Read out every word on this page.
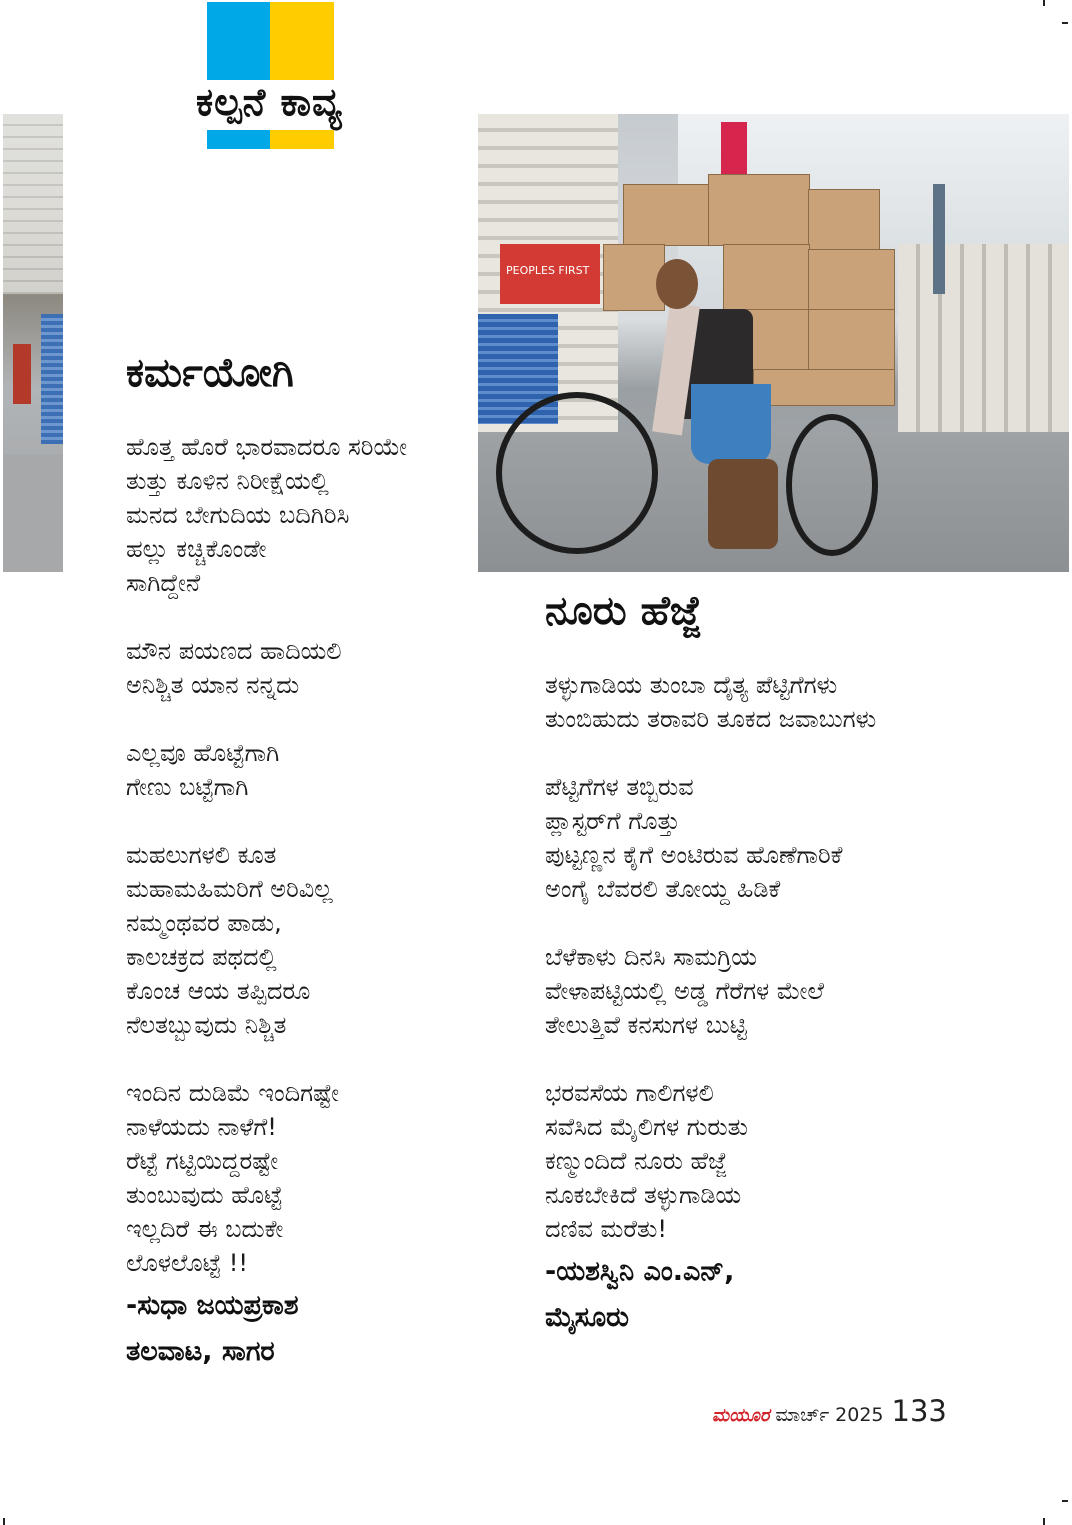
ಕಲ್ಪನೆ ಕಾವ್ಯ
PEOPLES FIRST
ಕರ್ಮಯೋಗಿ
ಹೊತ್ತ ಹೊರೆ ಭಾರವಾದರೂ ಸರಿಯೇ
ತುತ್ತು ಕೂಳಿನ ನಿರೀಕ್ಷೆಯಲ್ಲಿ
ಮನದ ಬೇಗುದಿಯ ಬದಿಗಿರಿಸಿ
ಹಲ್ಲು ಕಚ್ಚಿಕೊಂಡೇ
ಸಾಗಿದ್ದೇನೆ
ಮೌನ ಪಯಣದ ಹಾದಿಯಲಿ
ಅನಿಶ್ಚಿತ ಯಾನ ನನ್ನದು
ಎಲ್ಲವೂ ಹೊಟ್ಟೆಗಾಗಿ
ಗೇಣು ಬಟ್ಟೆಗಾಗಿ
ಮಹಲುಗಳಲಿ ಕೂತ
ಮಹಾಮಹಿಮರಿಗೆ ಅರಿವಿಲ್ಲ
ನಮ್ಮಂಥವರ ಪಾಡು,
ಕಾಲಚಕ್ರದ ಪಥದಲ್ಲಿ
ಕೊಂಚ ಆಯ ತಪ್ಪಿದರೂ
ನೆಲತಬ್ಬುವುದು ನಿಶ್ಚಿತ
ಇಂದಿನ ದುಡಿಮೆ ಇಂದಿಗಷ್ಟೇ
ನಾಳೆಯದು ನಾಳೆಗೆ!
ರೆಟ್ಟೆ ಗಟ್ಟಿಯಿದ್ದರಷ್ಟೇ
ತುಂಬುವುದು ಹೊಟ್ಟೆ
ಇಲ್ಲದಿರೆ ಈ ಬದುಕೇ
ಲೊಳಲೊಟ್ಟೆ !!
-ಸುಧಾ ಜಯಪ್ರಕಾಶ
ತಲವಾಟ, ಸಾಗರ
ನೂರು ಹೆಜ್ಜೆ
ತಳ್ಳುಗಾಡಿಯ ತುಂಬಾ ದೈತ್ಯ ಪೆಟ್ಟಿಗೆಗಳು
ತುಂಬಿಹುದು ತರಾವರಿ ತೂಕದ ಜವಾಬುಗಳು
ಪೆಟ್ಟಿಗೆಗಳ ತಬ್ಬಿರುವ
ಪ್ಲಾಸ್ಟರ್‌ಗೆ ಗೊತ್ತು
ಪುಟ್ಟಣ್ಣನ ಕೈಗೆ ಅಂಟಿರುವ ಹೊಣೆಗಾರಿಕೆ
ಅಂಗೈ ಬೆವರಲಿ ತೋಯ್ದ ಹಿಡಿಕೆ
ಬೆಳೆಕಾಳು ದಿನಸಿ ಸಾಮಗ್ರಿಯ
ವೇಳಾಪಟ್ಟಿಯಲ್ಲಿ ಅಡ್ಡ ಗೆರೆಗಳ ಮೇಲೆ
ತೇಲುತ್ತಿವೆ ಕನಸುಗಳ ಬುಟ್ಟಿ
ಭರವಸೆಯ ಗಾಲಿಗಳಲಿ
ಸವೆಸಿದ ಮೈಲಿಗಳ ಗುರುತು
ಕಣ್ಮುಂದಿದೆ ನೂರು ಹೆಜ್ಜೆ
ನೂಕಬೇಕಿದೆ ತಳ್ಳುಗಾಡಿಯ
ದಣಿವ ಮರೆತು!
-ಯಶಸ್ವಿನಿ ಎಂ.ಎನ್,
ಮೈಸೂರು
ಮಯೂರ ಮಾರ್ಚ್ 2025 133
